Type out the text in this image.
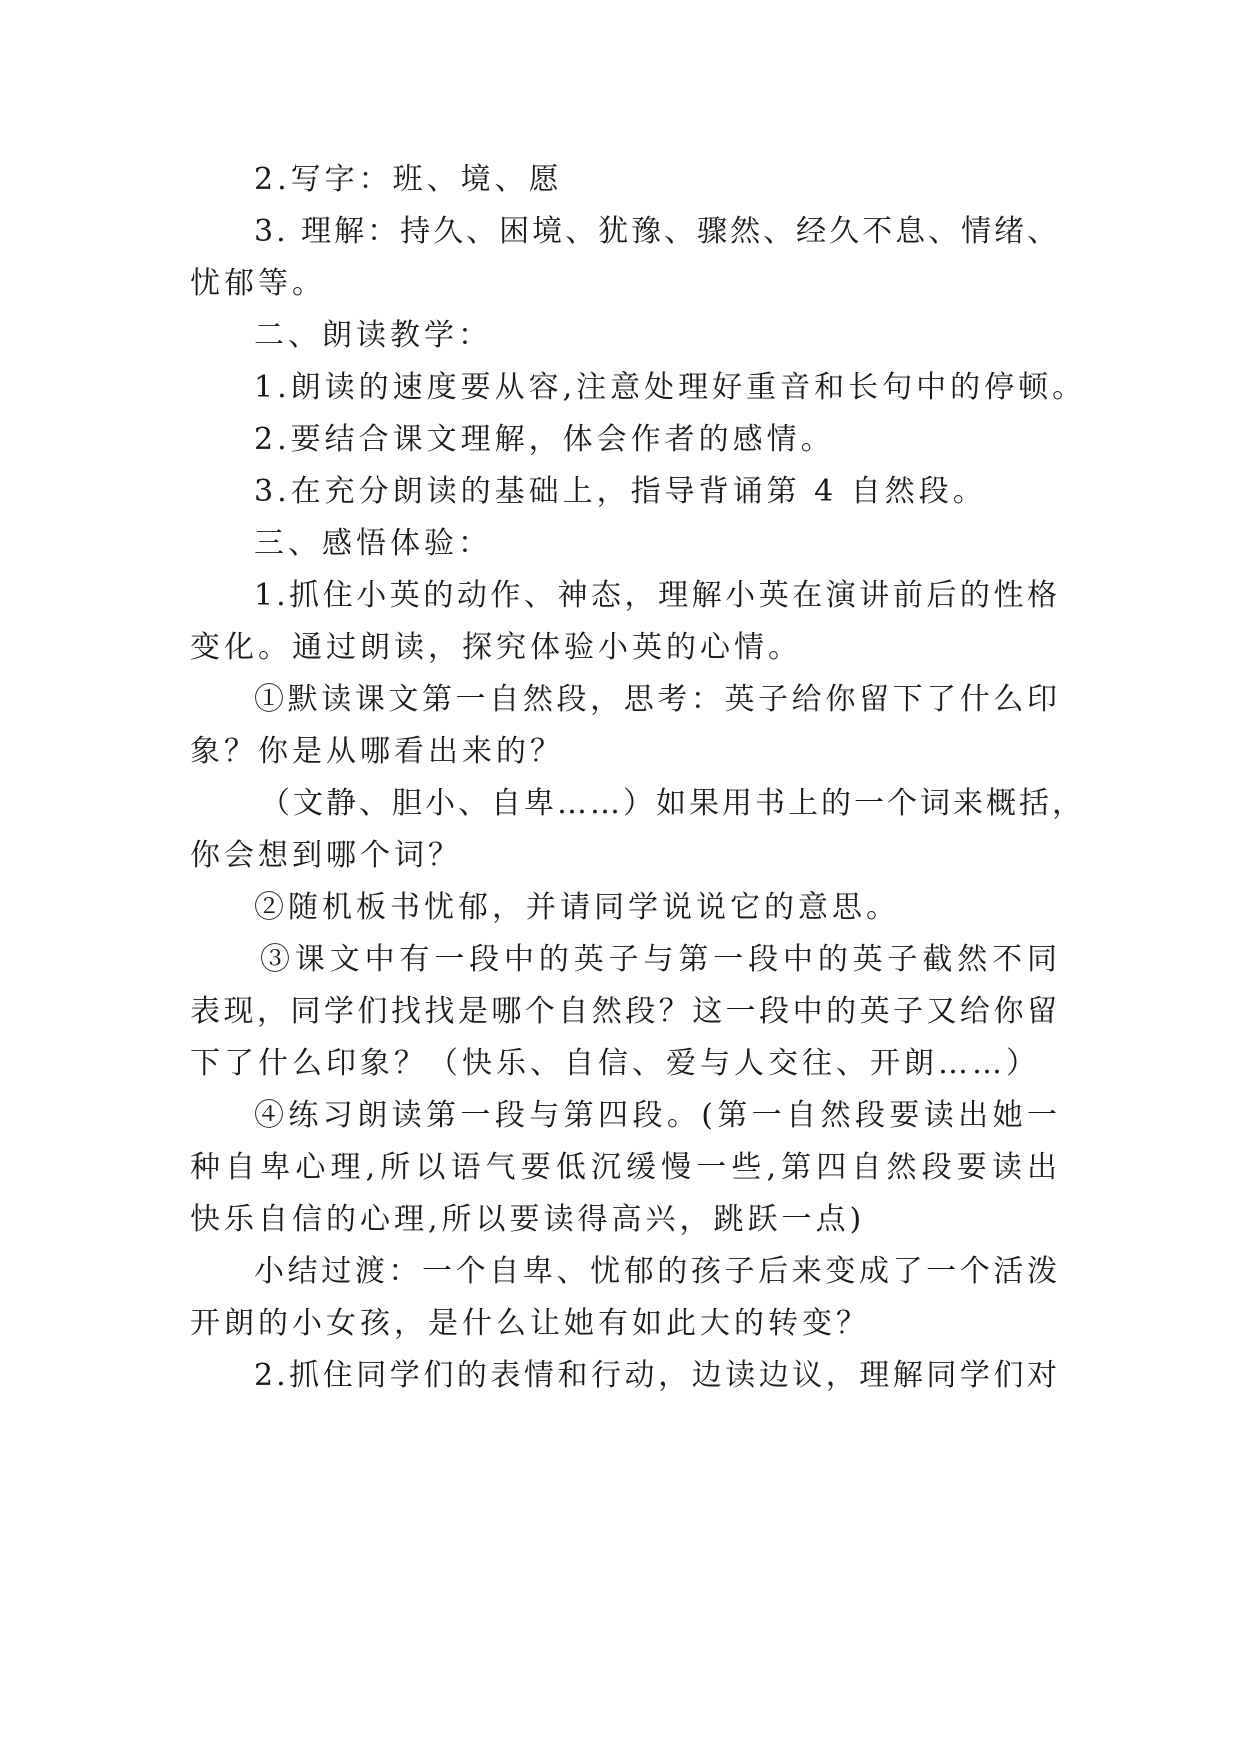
2.写字：班、境、愿
3. 理解：持久、困境、犹豫、骤然、经久不息、情绪、
忧郁等。
二、朗读教学：
1.朗读的速度要从容,注意处理好重音和长句中的停顿。
2.要结合课文理解，体会作者的感情。
3.在充分朗读的基础上，指导背诵第 4 自然段。
三、感悟体验：
1.抓住小英的动作、神态，理解小英在演讲前后的性格
变化。通过朗读，探究体验小英的心情。
①默读课文第一自然段，思考：英子给你留下了什么印
象？你是从哪看出来的？
（文静、胆小、自卑……）如果用书上的一个词来概括，
你会想到哪个词？
②随机板书忧郁，并请同学说说它的意思。
③课文中有一段中的英子与第一段中的英子截然不同
表现，同学们找找是哪个自然段？这一段中的英子又给你留
下了什么印象？（快乐、自信、爱与人交往、开朗……）
④练习朗读第一段与第四段。(第一自然段要读出她一
种自卑心理,所以语气要低沉缓慢一些,第四自然段要读出
快乐自信的心理,所以要读得高兴，跳跃一点)
小结过渡：一个自卑、忧郁的孩子后来变成了一个活泼
开朗的小女孩，是什么让她有如此大的转变？
2.抓住同学们的表情和行动，边读边议，理解同学们对
